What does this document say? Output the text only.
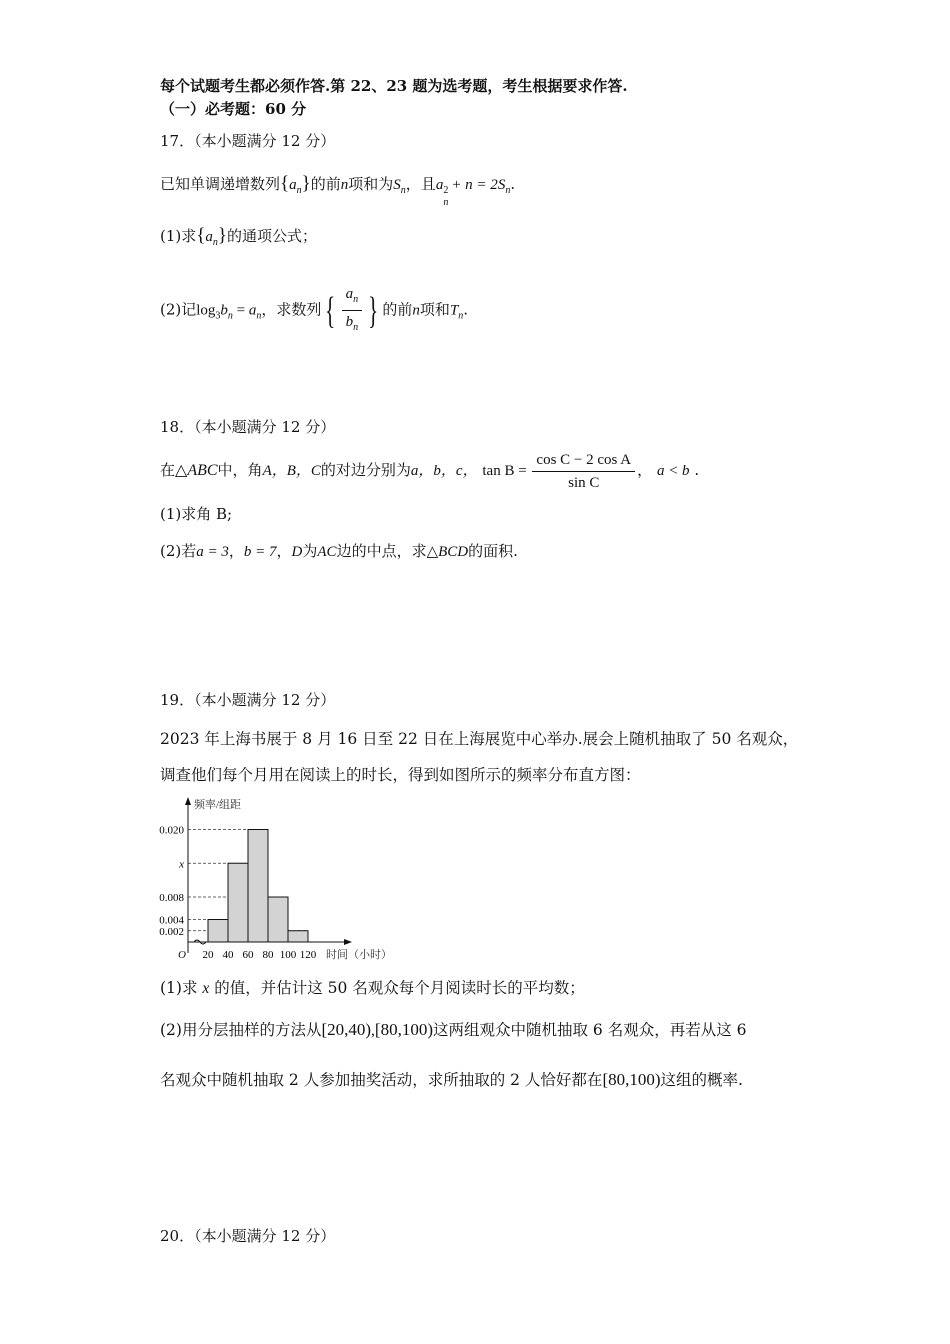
每个试题考生都必须作答.第 22、23 题为选考题，考生根据要求作答.
（一）必考题：60 分
17．（本小题满分 12 分）
已知单调递增数列$\{a_n\}$的前n项和为$S_n$，且a 2
n
+ $n = 2S_n$.
(1)求$\{a_n\}$的通项公式；
(2)记$\log_3b_n = a_n$，求数列 { $\frac{a_n}{b_n}$ } 的前n项和$T_n$.
18．（本小题满分 12 分）
在△ABC中，角A，B，C的对边分别为a，b，c， $\tan B = \frac{\text{cos C − 2 cos A}}{\text{sin C}}$ ， a < b .
(1)求角 B;
(2)若a = 3，b = 7，D为AC边的中点，求△BCD的面积.
19．（本小题满分 12 分）
2023 年上海书展于 8 月 16 日至 22 日在上海展览中心举办.展会上随机抽取了 50 名观众，
调查他们每个月用在阅读上的时长，得到如图所示的频率分布直方图：
0.020
x
0.008
0.004
0.002
20 40 60 80 100 120
频率/组距
时间（小时）
O
(1)求 x 的值，并估计这 50 名观众每个月阅读时长的平均数；
(2)用分层抽样的方法从[20,40),[80,100)这两组观众中随机抽取 6 名观众，再若从这 6
名观众中随机抽取 2 人参加抽奖活动，求所抽取的 2 人恰好都在[80,100)这组的概率.
20．（本小题满分 12 分）
